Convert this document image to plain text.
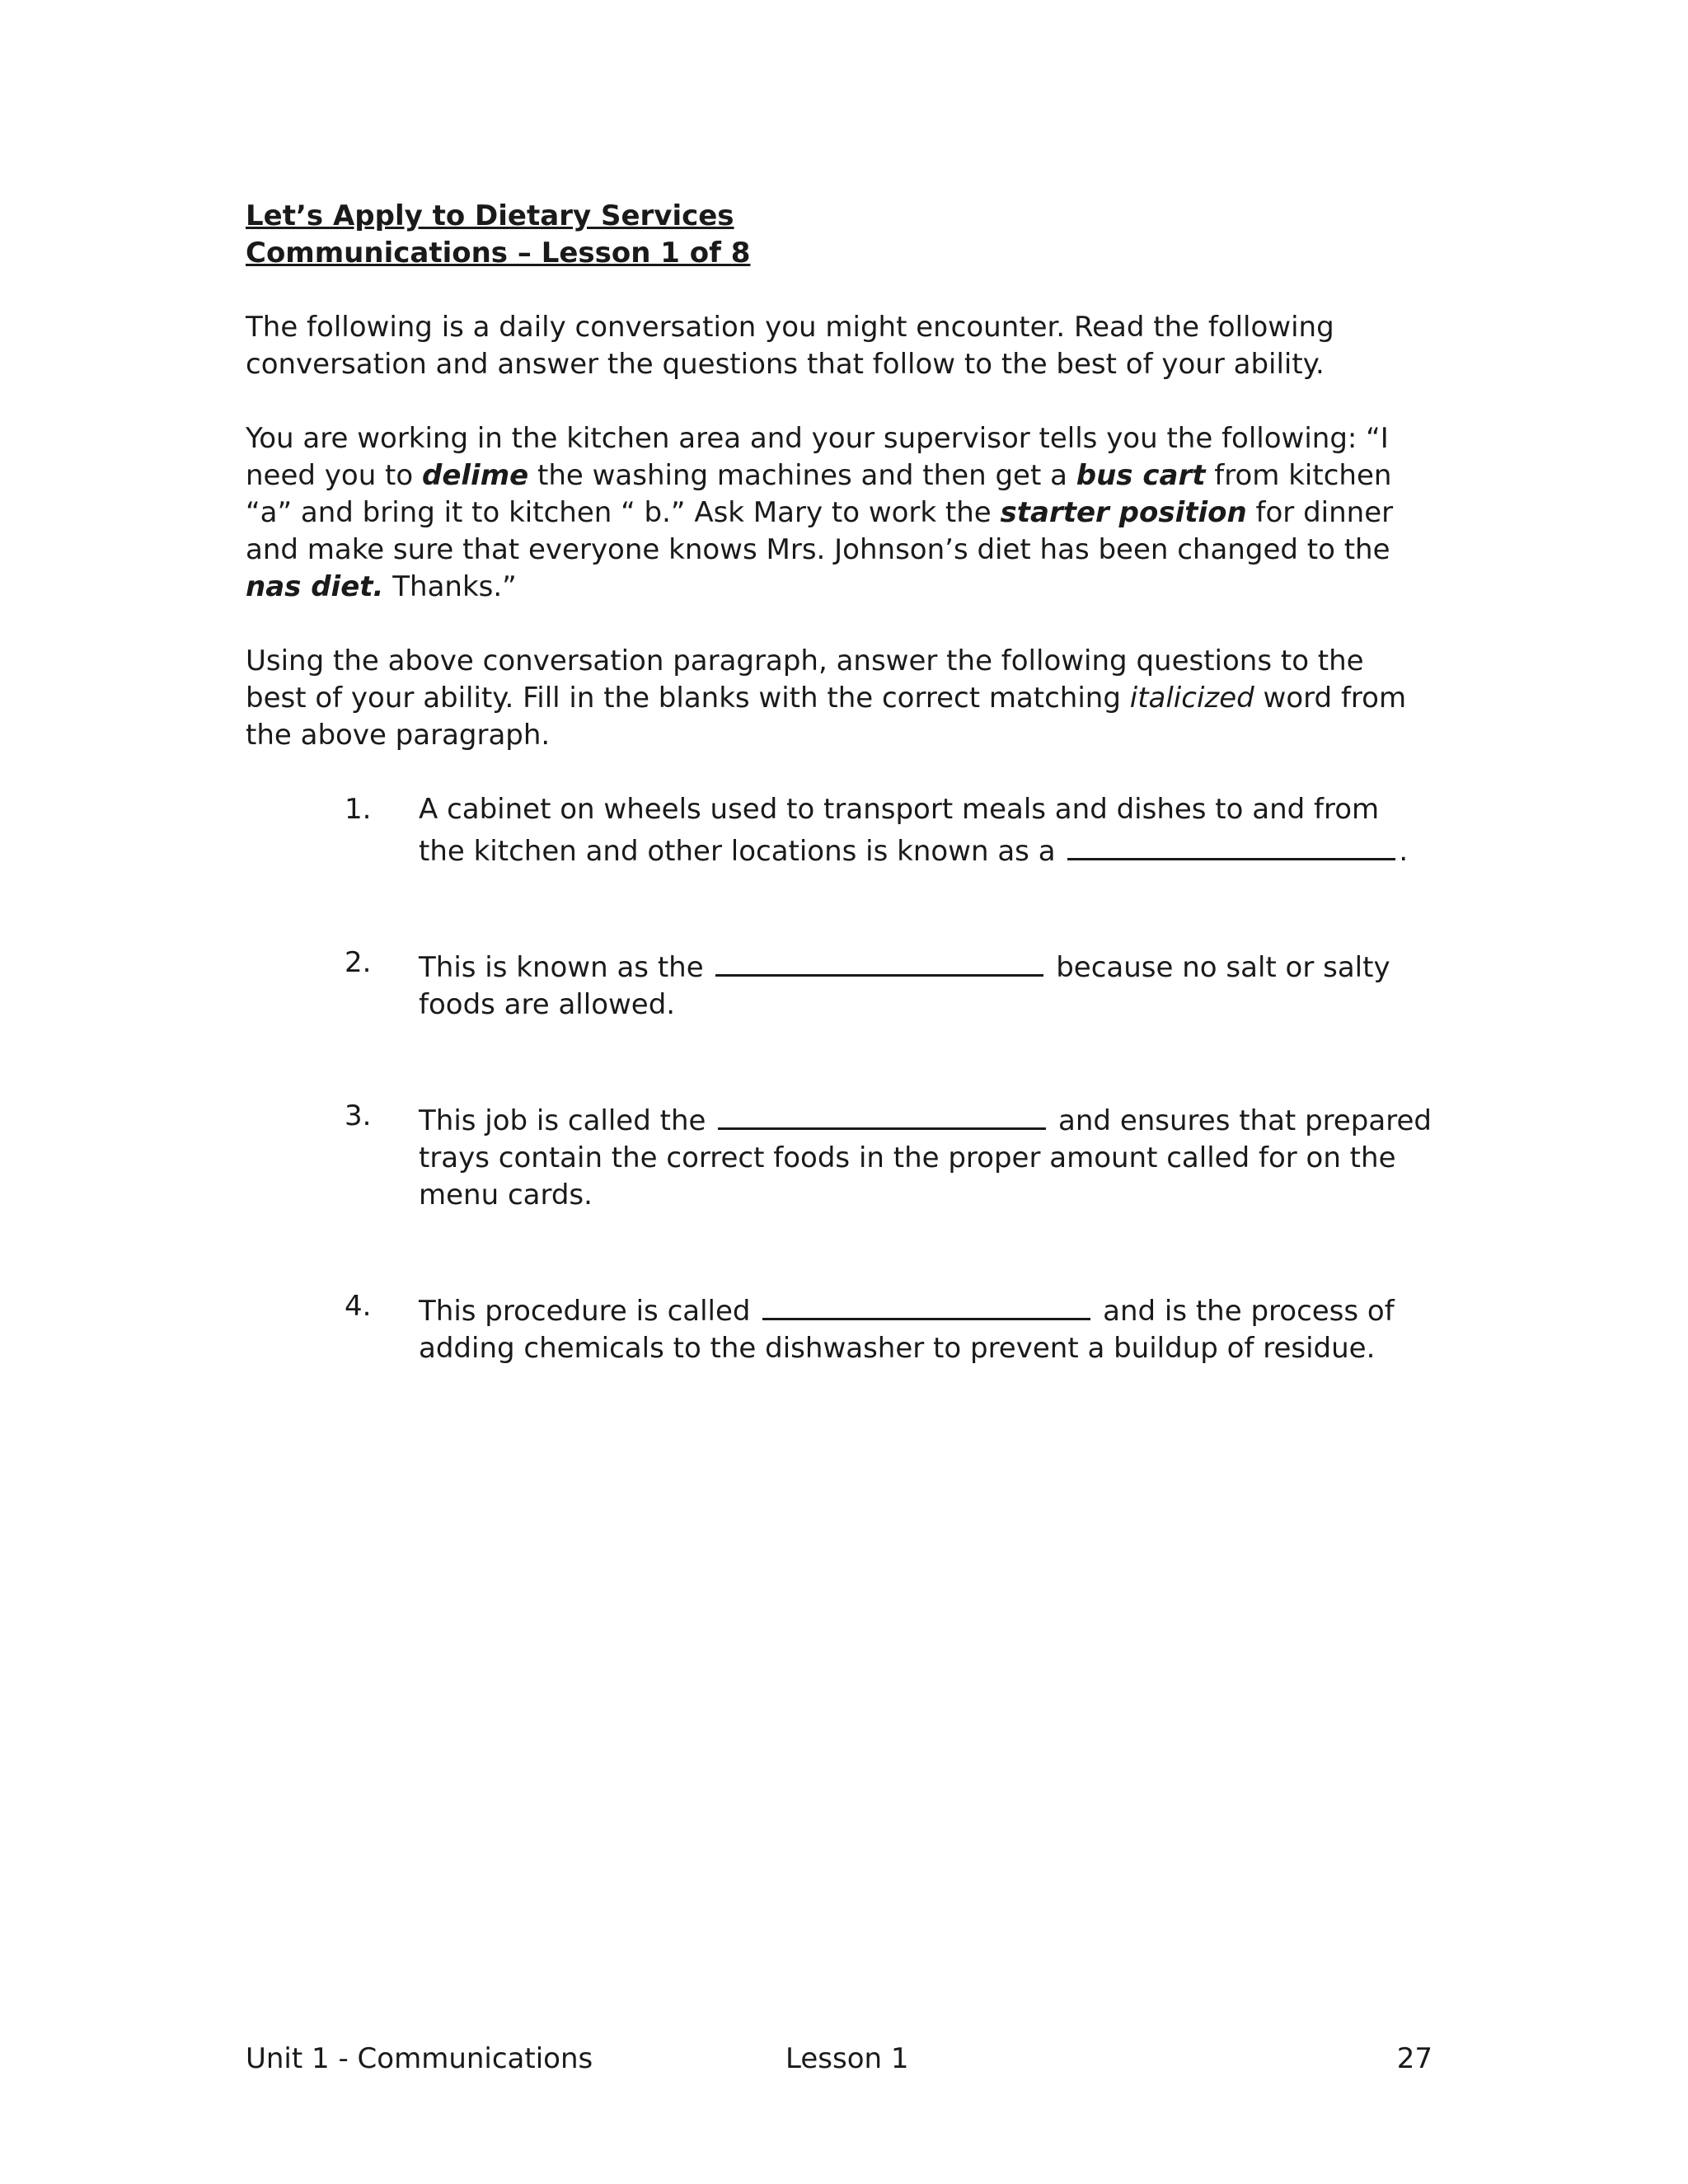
Let’s Apply to Dietary Services

Communications – Lesson 1 of 8

The following is a daily conversation you might encounter. Read the following conversation and answer the questions that follow to the best of your ability.

You are working in the kitchen area and your supervisor tells you the following: “I need you to delime the washing machines and then get a bus cart from kitchen “a” and bring it to kitchen “ b.” Ask Mary to work the starter position for dinner and make sure that everyone knows Mrs. Johnson’s diet has been changed to the nas diet. Thanks.”

Using the above conversation paragraph, answer the following questions to the best of your ability. Fill in the blanks with the correct matching italicized word from the above paragraph.

1. A cabinet on wheels used to transport meals and dishes to and from the kitchen and other locations is known as a	.
2. This is known as the	because no salt or salty foods are allowed.
3. This job is called the	and ensures that prepared trays contain the correct foods in the proper amount called for on the menu cards.
4. This procedure is called	and is the process of adding chemicals to the dishwasher to prevent a buildup of residue.
Unit 1 - Communications	Lesson 1	27
